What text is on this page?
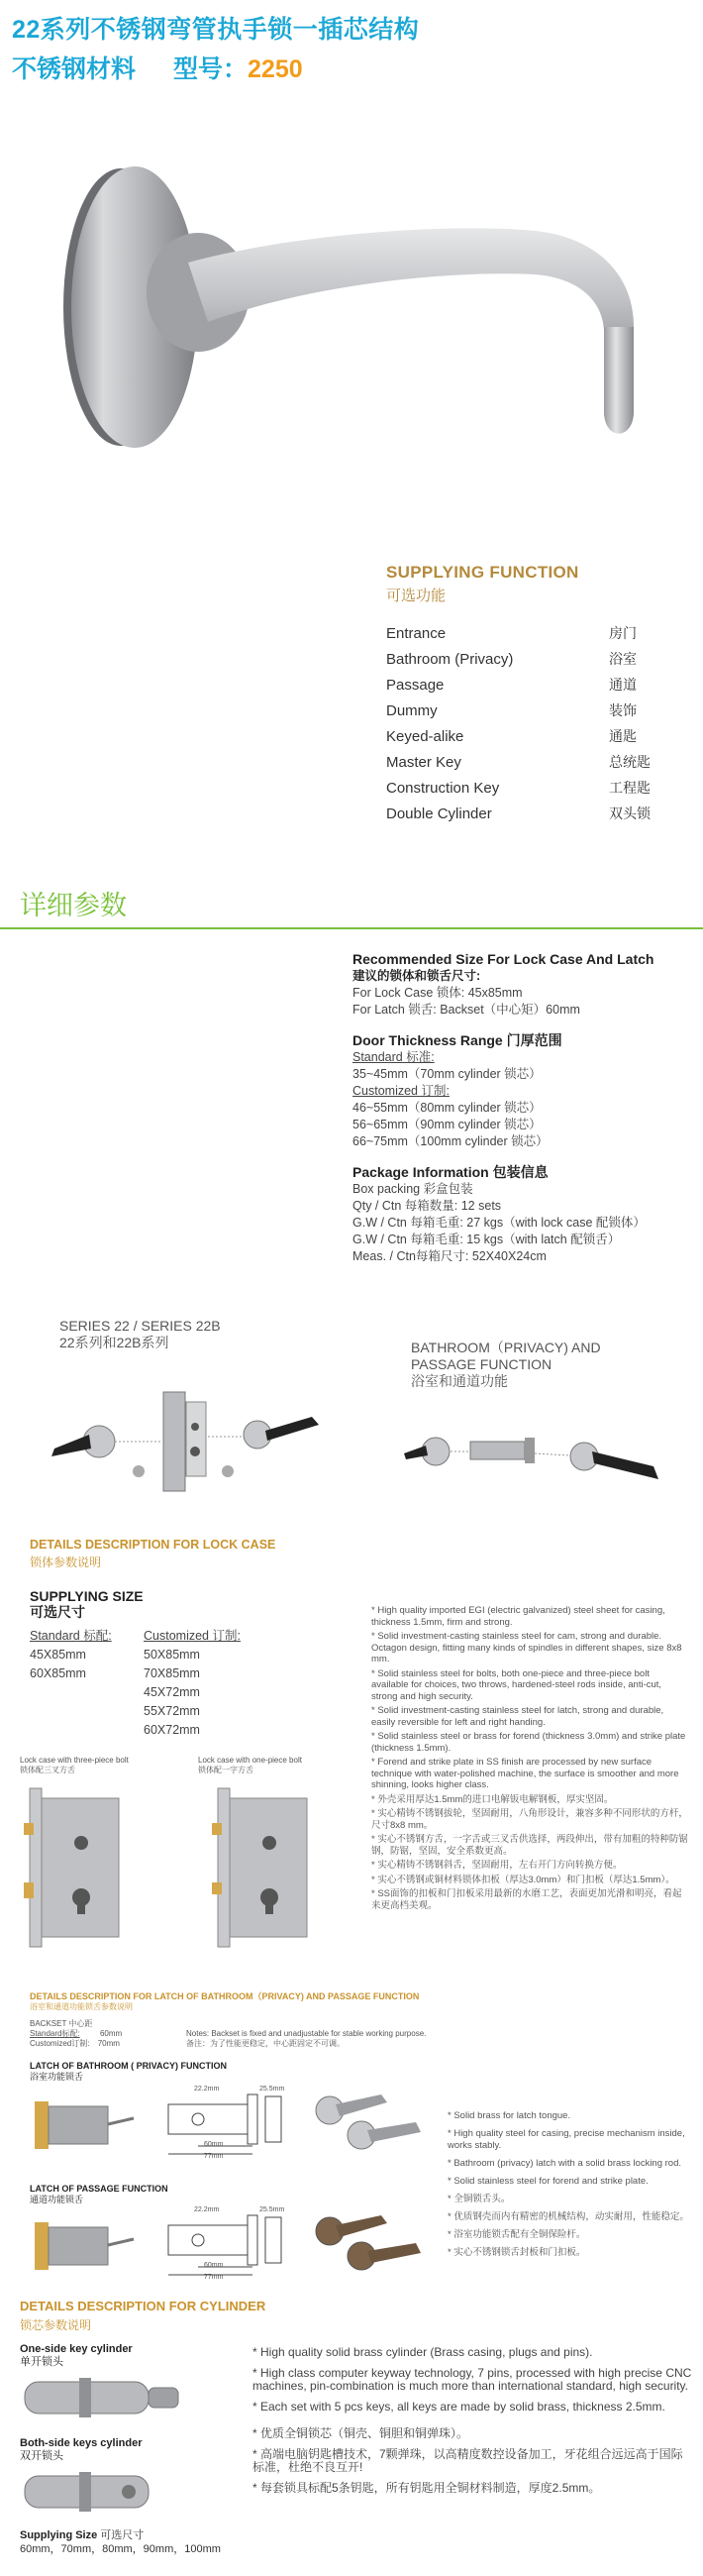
22系列不锈钢弯管执手锁一插芯结构
不锈钢材料 型号：2250
SUPPLYING FUNCTION
可选功能
Entrance	房门
Bathroom (Privacy)	浴室
Passage	通道
Dummy	装饰
Keyed-alike	通匙
Master Key	总统匙
Construction Key	工程匙
Double Cylinder	双头锁
详细参数
Recommended Size For Lock Case And Latch
建议的锁体和锁舌尺寸:
For Lock Case 锁体: 45x85mm
For Latch 锁舌: Backset（中心矩）60mm
Door Thickness Range 门厚范围
Standard 标准:
35~45mm（70mm cylinder 锁芯）
Customized 订制:
46~55mm（80mm cylinder 锁芯）
56~65mm（90mm cylinder 锁芯）
66~75mm（100mm cylinder 锁芯）
Package Information 包装信息
Box packing 彩盒包装
Qty / Ctn 每箱数量: 12 sets
G.W / Ctn 每箱毛重: 27 kgs（with lock case 配锁体）
G.W / Ctn 每箱毛重: 15 kgs（with latch 配锁舌）
Meas. / Ctn每箱尺寸: 52X40X24cm
SERIES 22 / SERIES 22B
22系列和22B系列	BATHROOM（PRIVACY) AND
PASSAGE FUNCTION
浴室和通道功能
DETAILS DESCRIPTION FOR LOCK CASE
锁体参数说明
SUPPLYING SIZE
可选尺寸
Standard 标配:
45X85mm
60X85mm
Customized 订制:
50X85mm
70X85mm
45X72mm
55X72mm
60X72mm

* High quality imported EGI (electric galvanized) steel sheet for casing, thickness 1.5mm, firm and strong.

* Solid investment-casting stainless steel for cam, strong and durable. Octagon design, fitting many kinds of spindles in different shapes, size 8x8 mm.

* Solid stainless steel for bolts, both one-piece and three-piece bolt available for choices, two throws, hardened-steel rods inside, anti-cut, strong and high security.

* Solid investment-casting stainless steel for latch, strong and durable, easily reversible for left and right handing.

* Solid stainless steel or brass for forend (thickness 3.0mm) and strike plate (thickness 1.5mm).

* Forend and strike plate in SS finish are processed by new surface technique with water-polished machine, the surface is smoother and more shinning, looks higher class.

* 外壳采用厚达1.5mm的进口电解钣电解钢板，厚实坚固。

* 实心精铸不锈钢拔轮，坚固耐用，八角形设计，兼容多种不同形状的方杆，尺寸8x8 mm。

* 实心不锈钢方舌，一字舌或三叉舌供选择，两段伸出，带有加粗的特种防锯钢，防锯，坚固，安全系数更高。

* 实心精铸不锈钢斜舌，坚固耐用，左右开门方向转换方便。

* 实心不锈钢或铜材料锁体扣板（厚达3.0mm）和门扣板（厚达1.5mm）。

* SS面饰的扣板和门扣板采用最新的水磨工艺，表面更加光滑和明亮，看起来更高档美观。

Lock case with three-piece bolt
锁体配三叉方舌
Lock case with one-piece bolt
锁体配一字方舌
DETAILS DESCRIPTION FOR LATCH OF BATHROOM（PRIVACY) AND PASSAGE FUNCTION
浴室和通道功能锁舌参数说明
BACKSET 中心距
Standard标配:	60mm
Customized订制: 70mm
Notes: Backset is fixed and unadjustable for stable working purpose.
备注：为了性能更稳定，中心距固定不可调。
LATCH OF BATHROOM ( PRIVACY) FUNCTION
浴室功能锁舌
22.2mm	25.5mm
60mm
77mm
LATCH OF PASSAGE FUNCTION
通道功能锁舌
22.2mm	25.5mm
60mm
77mm

* Solid brass for latch tongue.

* High quality steel for casing, precise mechanism inside, works stably.

* Bathroom (privacy) latch with a solid brass locking rod.

* Solid stainless steel for forend and strike plate.

* 全铜锁舌头。

* 优质钢壳而内有精密的机械结构，动实耐用，性能稳定。

* 浴室功能锁舌配有全铜保险杆。

* 实心不锈钢锁舌封板和门扣板。

DETAILS DESCRIPTION FOR CYLINDER
锁芯参数说明
One-side key cylinder
单开锁头
Both-side keys cylinder
双开锁头
Supplying Size 可选尺寸
60mm，70mm，80mm，90mm，100mm

* High quality solid brass cylinder (Brass casing, plugs and pins).

* High class computer keyway technology, 7 pins, processed with high precise CNC machines, pin-combination is much more than international standard, high security.

* Each set with 5 pcs keys, all keys are made by solid brass, thickness 2.5mm.

* 优质全铜锁芯（铜壳、铜胆和铜弹珠）。

* 高端电脑钥匙槽技术，7颗弹珠，以高精度数控设备加工，牙花组合远远高于国际标准，杜绝不良互开!

* 每套锁具标配5条钥匙，所有钥匙用全铜材料制造，厚度2.5mm。
